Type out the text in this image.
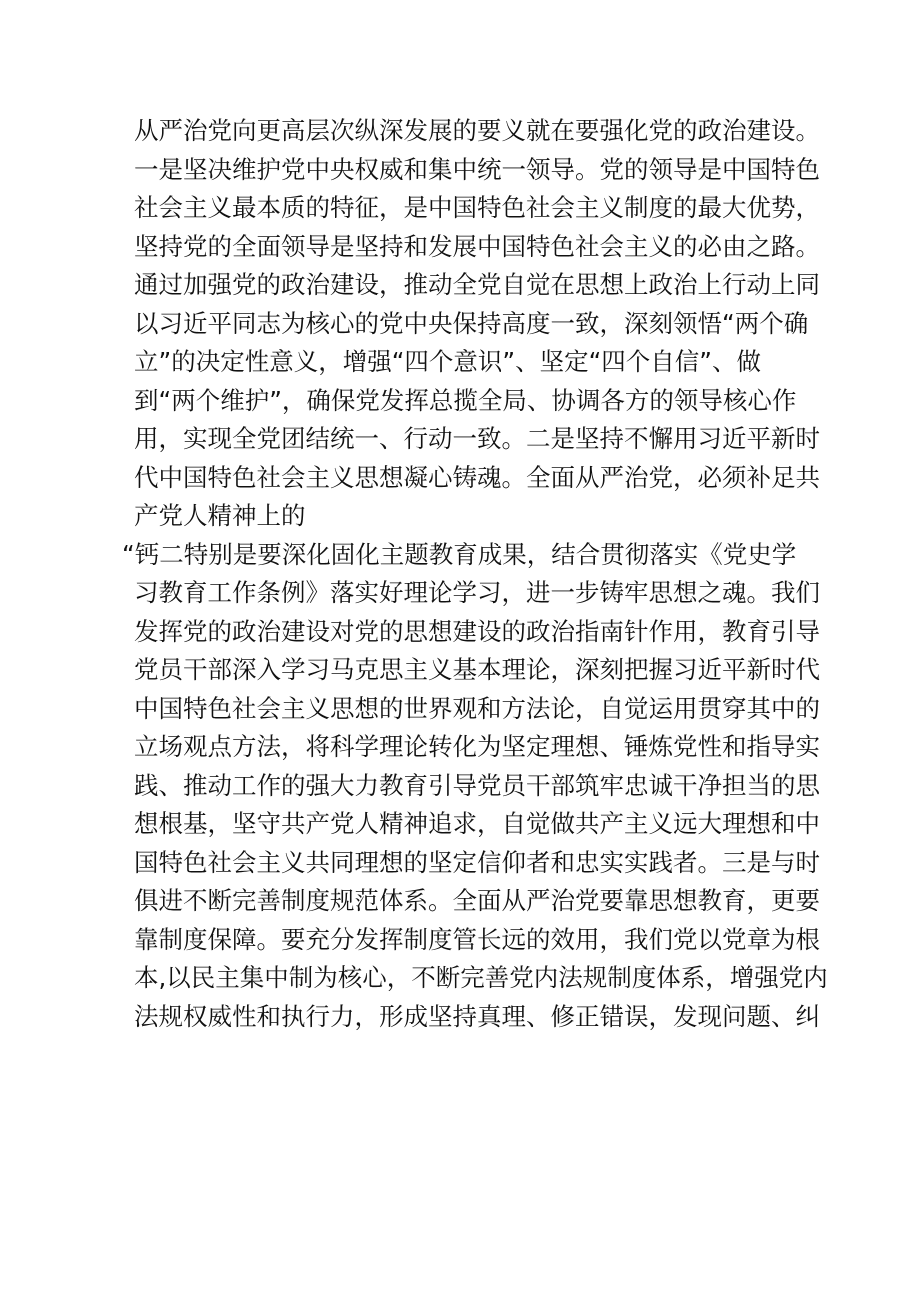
从严治党向更高层次纵深发展的要义就在要强化党的政治建设。
一是坚决维护党中央权威和集中统一领导。党的领导是中国特色
社会主义最本质的特征，是中国特色社会主义制度的最大优势，
坚持党的全面领导是坚持和发展中国特色社会主义的必由之路。
通过加强党的政治建设，推动全党自觉在思想上政治上行动上同
以习近平同志为核心的党中央保持高度一致，深刻领悟“两个确
立”的决定性意义，增强“四个意识”、坚定“四个自信”、做
到“两个维护”，确保党发挥总揽全局、协调各方的领导核心作
用，实现全党团结统一、行动一致。二是坚持不懈用习近平新时
代中国特色社会主义思想凝心铸魂。全面从严治党，必须补足共
产党人精神上的
“钙二特别是要深化固化主题教育成果，结合贯彻落实《党史学
习教育工作条例》落实好理论学习，进一步铸牢思想之魂。我们
发挥党的政治建设对党的思想建设的政治指南针作用，教育引导
党员干部深入学习马克思主义基本理论，深刻把握习近平新时代
中国特色社会主义思想的世界观和方法论，自觉运用贯穿其中的
立场观点方法，将科学理论转化为坚定理想、锤炼党性和指导实
践、推动工作的强大力教育引导党员干部筑牢忠诚干净担当的思
想根基，坚守共产党人精神追求，自觉做共产主义远大理想和中
国特色社会主义共同理想的坚定信仰者和忠实实践者。三是与时
俱进不断完善制度规范体系。全面从严治党要靠思想教育，更要
靠制度保障。要充分发挥制度管长远的效用，我们党以党章为根
本,以民主集中制为核心，不断完善党内法规制度体系，增强党内
法规权威性和执行力，形成坚持真理、修正错误，发现问题、纠
